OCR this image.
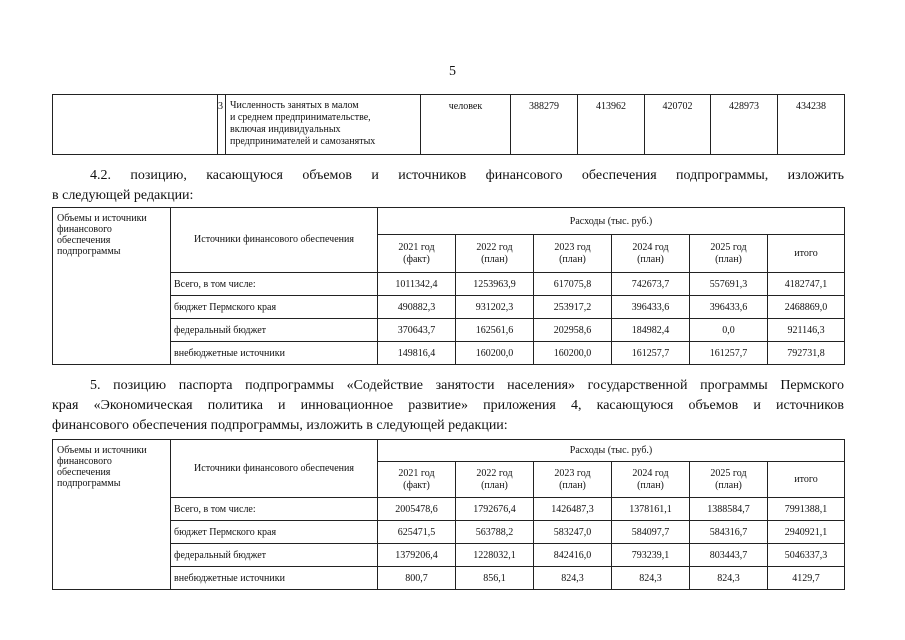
5
	3	Численность занятых в малом
и среднем предпринимательстве,
включая индивидуальных
предпринимателей и самозанятых	человек	388279	413962	420702	428973	434238
4.2. позицию, касающуюся объемов и источников финансового обеспечения подпрограммы, изложить
в следующей редакции:
Объемы и источники
финансового
обеспечения
подпрограммы	Источники финансового обеспечения	Расходы (тыс. руб.)					
		2021 год
(факт)	2022 год
(план)	2023 год
(план)	2024 год
(план)	2025 год
(план)	итого
	Всего, в том числе:	1011342,4	1253963,9	617075,8	742673,7	557691,3	4182747,1
	бюджет Пермского края	490882,3	931202,3	253917,2	396433,6	396433,6	2468869,0
	федеральный бюджет	370643,7	162561,6	202958,6	184982,4	0,0	921146,3
	внебюджетные источники	149816,4	160200,0	160200,0	161257,7	161257,7	792731,8
5. позицию паспорта подпрограммы «Содействие занятости населения» государственной программы Пермского
края «Экономическая политика и инновационное развитие» приложения 4, касающуюся объемов и источников
финансового обеспечения подпрограммы, изложить в следующей редакции:
Объемы и источники
финансового
обеспечения
подпрограммы	Источники финансового обеспечения	Расходы (тыс. руб.)					
		2021 год
(факт)	2022 год
(план)	2023 год
(план)	2024 год
(план)	2025 год
(план)	итого
	Всего, в том числе:	2005478,6	1792676,4	1426487,3	1378161,1	1388584,7	7991388,1
	бюджет Пермского края	625471,5	563788,2	583247,0	584097,7	584316,7	2940921,1
	федеральный бюджет	1379206,4	1228032,1	842416,0	793239,1	803443,7	5046337,3
	внебюджетные источники	800,7	856,1	824,3	824,3	824,3	4129,7
